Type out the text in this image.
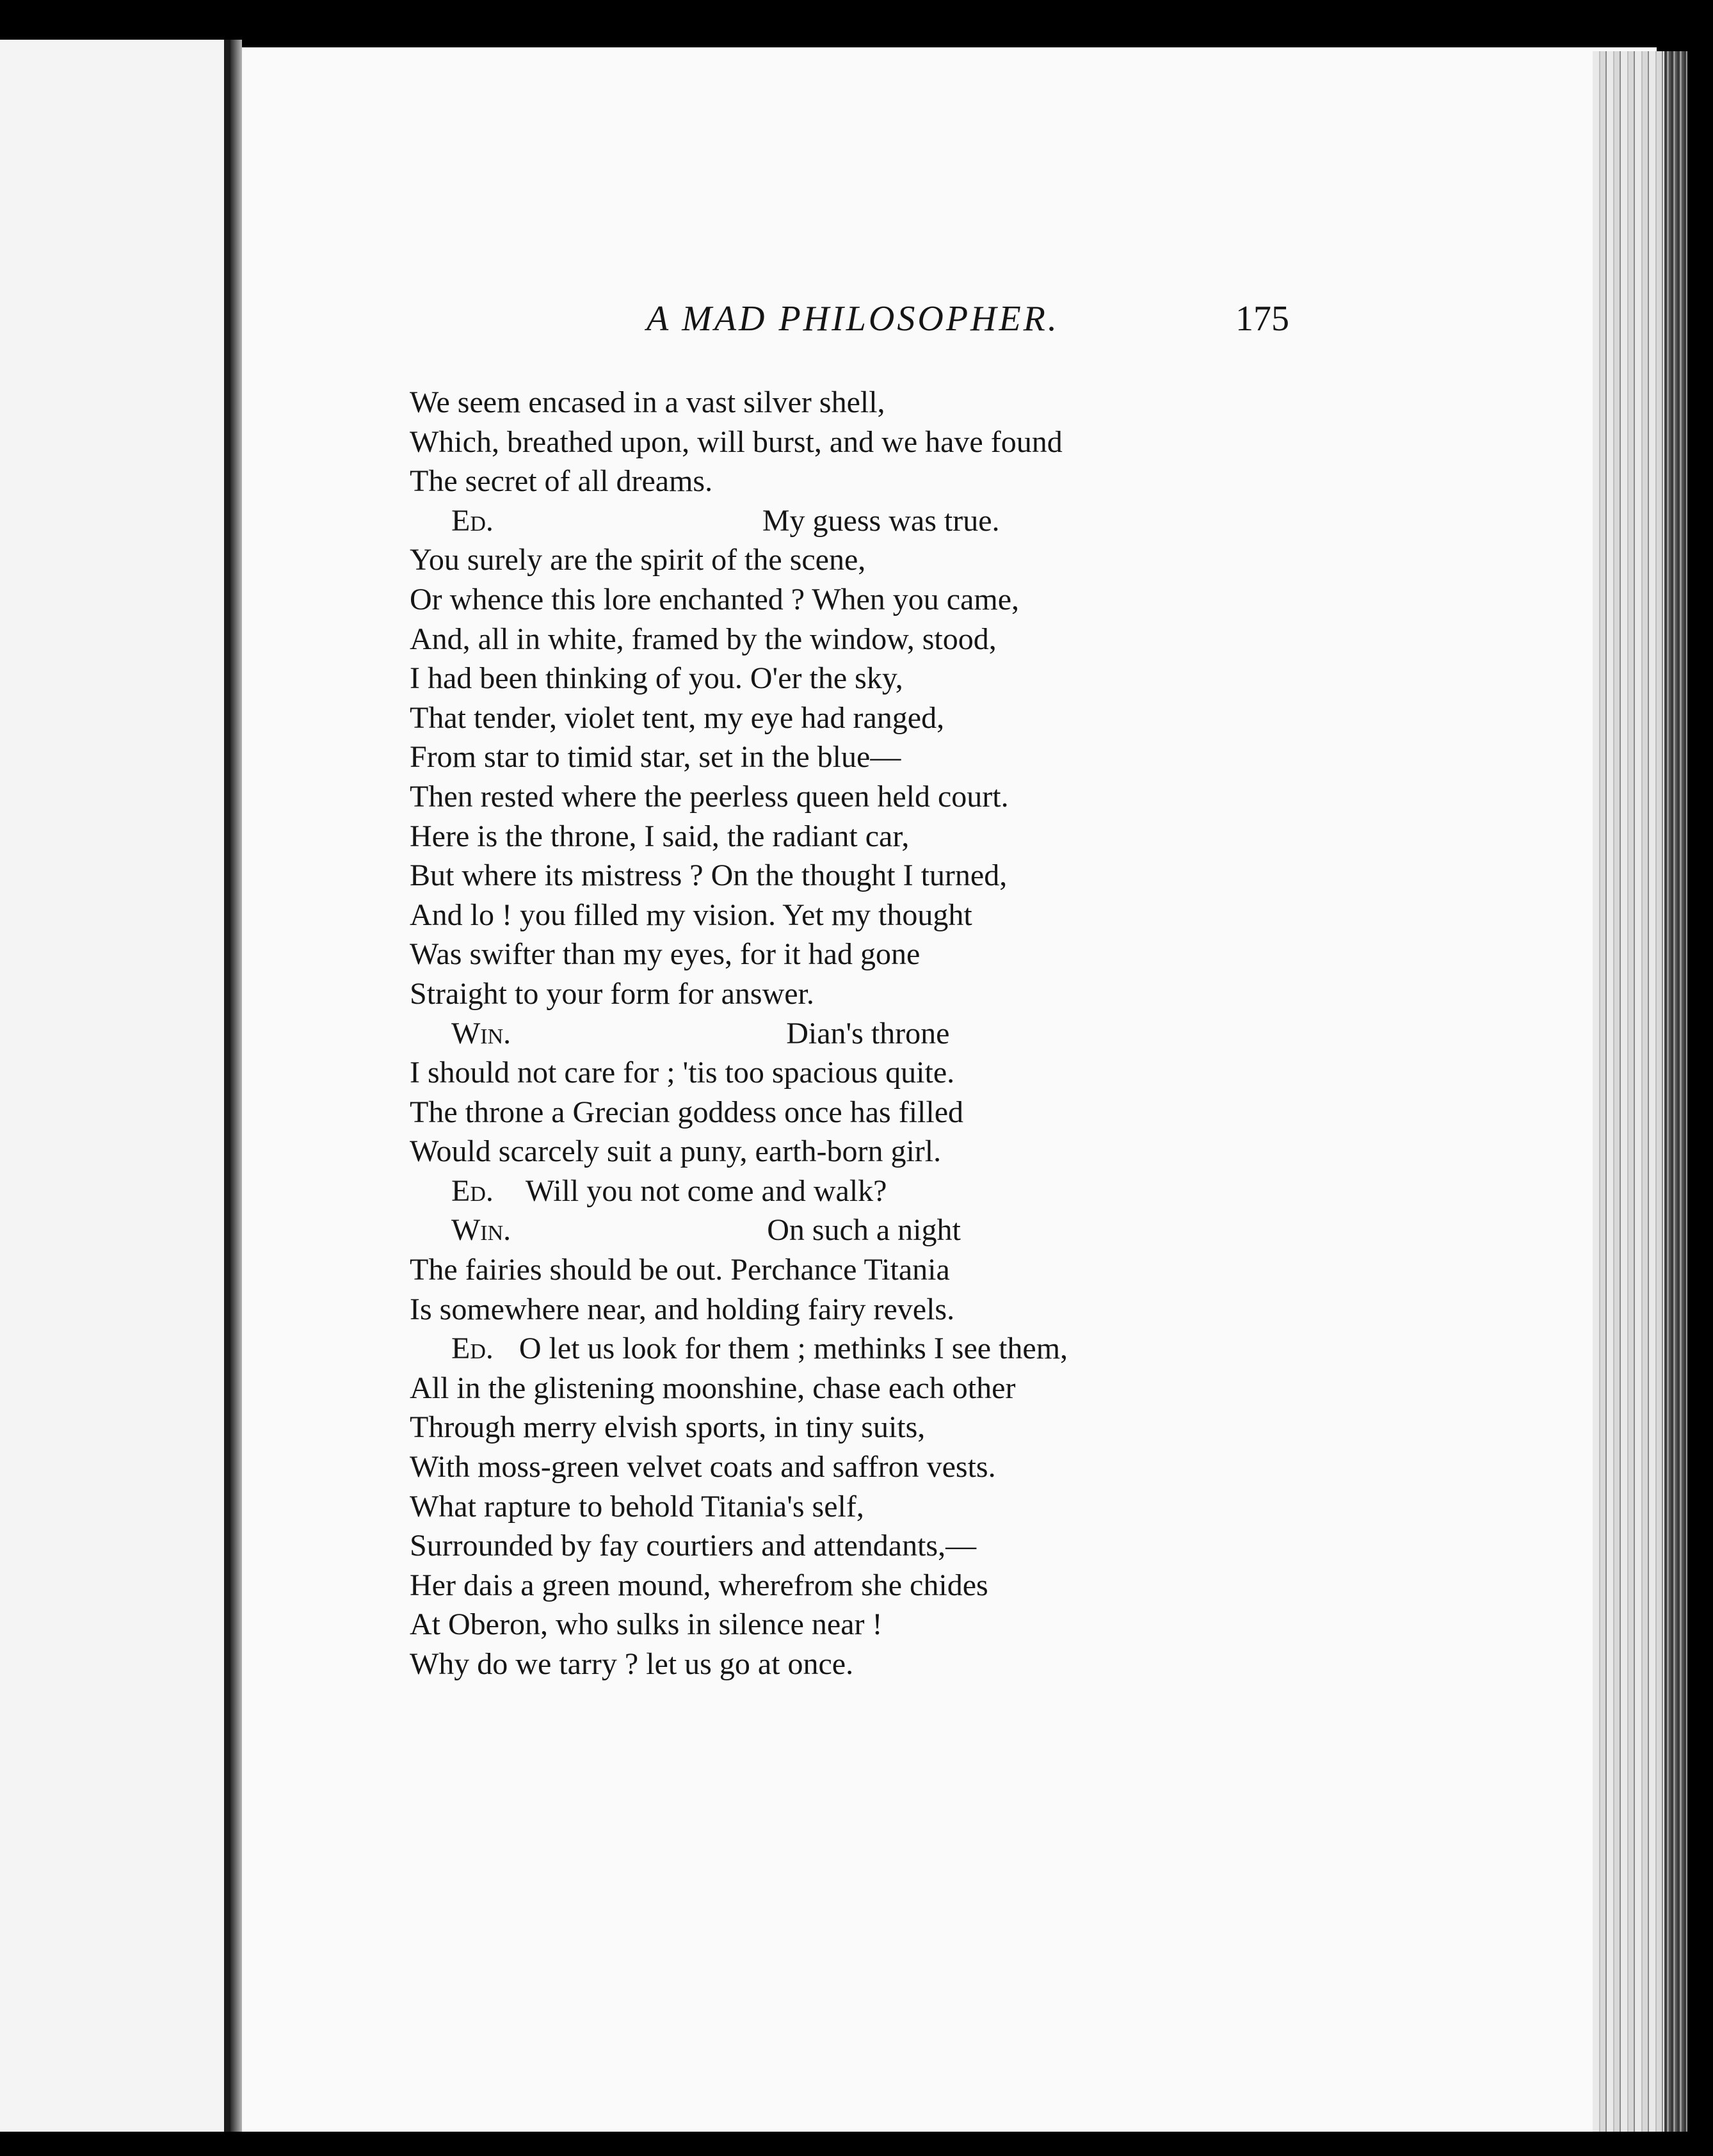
A MAD PHILOSOPHER.	175
We seem encased in a vast silver shell,
Which, breathed upon, will burst, and we have found
The secret of all dreams.
Ed.	My guess was true.
You surely are the spirit of the scene,
Or whence this lore enchanted ? When you came,
And, all in white, framed by the window, stood,
I had been thinking of you. O'er the sky,
That tender, violet tent, my eye had ranged,
From star to timid star, set in the blue—
Then rested where the peerless queen held court.
Here is the throne, I said, the radiant car,
But where its mistress ? On the thought I turned,
And lo ! you filled my vision. Yet my thought
Was swifter than my eyes, for it had gone
Straight to your form for answer.
Win.	Dian's throne
I should not care for ; 'tis too spacious quite.
The throne a Grecian goddess once has filled
Would scarcely suit a puny, earth-born girl.
Ed. Will you not come and walk?
Win.	On such a night
The fairies should be out. Perchance Titania
Is somewhere near, and holding fairy revels.
Ed. O let us look for them ; methinks I see them,
All in the glistening moonshine, chase each other
Through merry elvish sports, in tiny suits,
With moss-green velvet coats and saffron vests.
What rapture to behold Titania's self,
Surrounded by fay courtiers and attendants,—
Her dais a green mound, wherefrom she chides
At Oberon, who sulks in silence near !
Why do we tarry ? let us go at once.
